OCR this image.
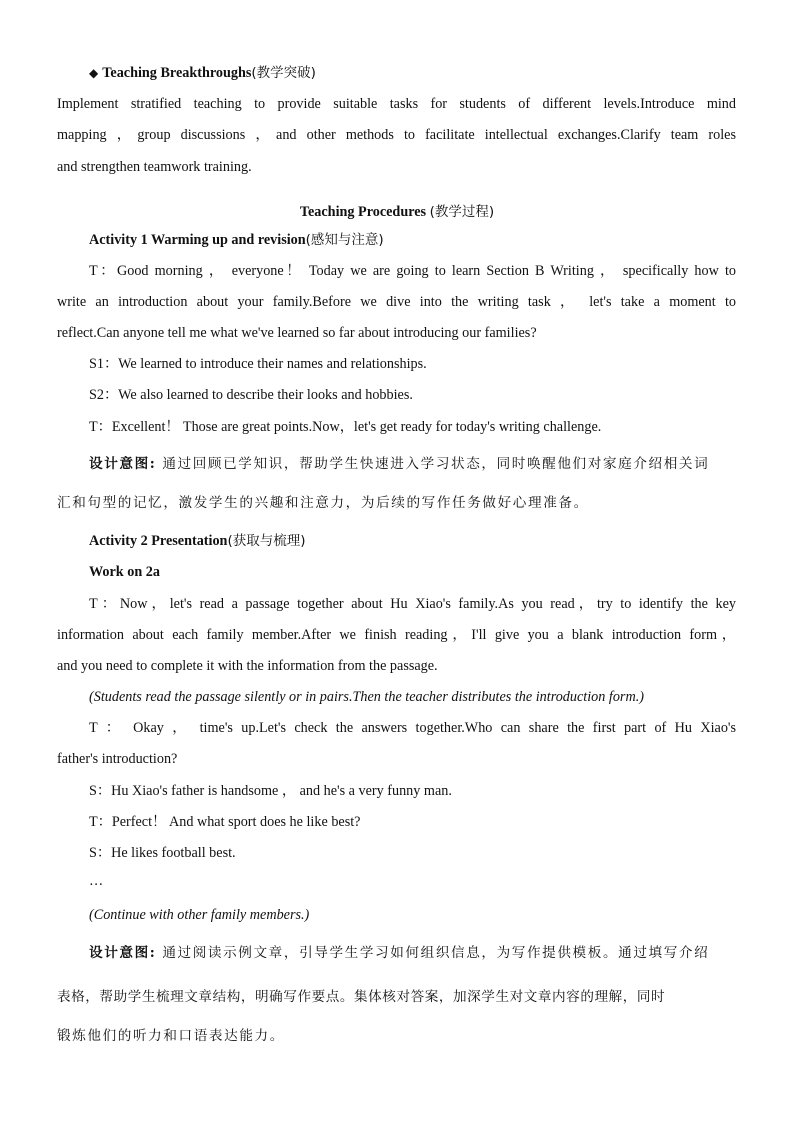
◆ Teaching Breakthroughs(教学突破)
Implement stratified teaching to provide suitable tasks for students of different levels.Introduce mind
mapping ，group discussions ，and other methods to facilitate intellectual exchanges.Clarify team roles
and strengthen teamwork training.
Teaching Procedures (教学过程)
Activity 1 Warming up and revision(感知与注意)
T：Good morning ， everyone！ Today we are going to learn Section B Writing ， specifically how to
write an introduction about your family.Before we dive into the writing task ， let's take a moment to
reflect.Can anyone tell me what we've learned so far about introducing our families?
S1：We learned to introduce their names and relationships.
S2：We also learned to describe their looks and hobbies.
T：Excellent！ Those are great points.Now，let's get ready for today's writing challenge.
设计意图: 通过回顾已学知识，帮助学生快速进入学习状态，同时唤醒他们对家庭介绍相关词
汇和句型的记忆，激发学生的兴趣和注意力，为后续的写作任务做好心理准备。
Activity 2 Presentation(获取与梳理)
Work on 2a
T：Now，let's read a passage together about Hu Xiao's family.As you read，try to identify the key
information about each family member.After we finish reading，I'll give you a blank introduction form，
and you need to complete it with the information from the passage.
(Students read the passage silently or in pairs.Then the teacher distributes the introduction form.)
T ： Okay ， time's up.Let's check the answers together.Who can share the first part of Hu Xiao's
father's introduction?
S：Hu Xiao's father is handsome ， and he's a very funny man.
T：Perfect！ And what sport does he like best?
S：He likes football best.
…
(Continue with other family members.)
设计意图: 通过阅读示例文章，引导学生学习如何组织信息，为写作提供模板。通过填写介绍
表格，帮助学生梳理文章结构，明确写作要点。集体核对答案，加深学生对文章内容的理解，同时
锻炼他们的听力和口语表达能力。
